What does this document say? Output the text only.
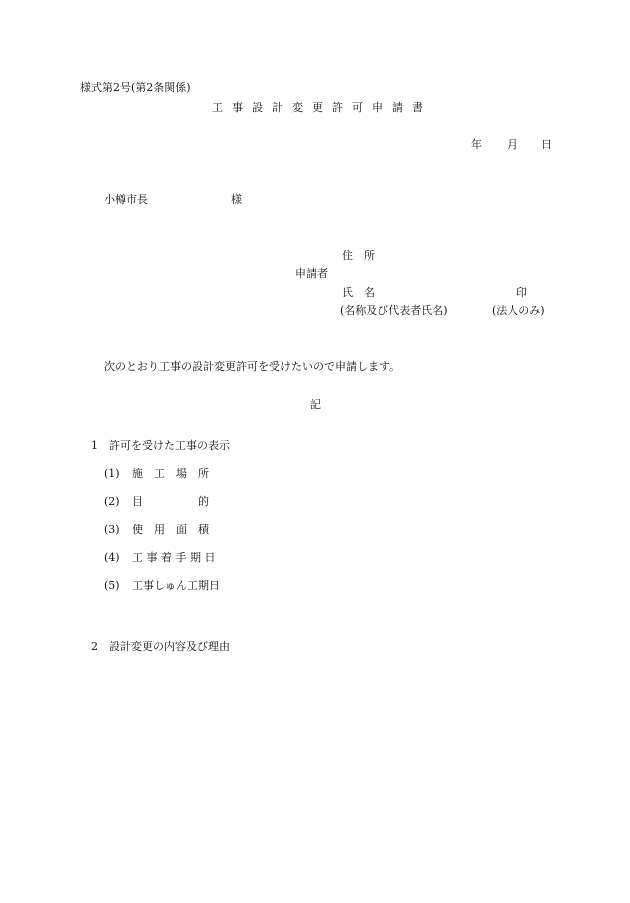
様式第2号(第2条関係)
工事設計変更許可申請書
年 月 日
小樽市長	様
住　所
申請者
氏　名	印
(名称及び代表者氏名)	(法人のみ)
次のとおり工事の設計変更許可を受けたいので申請します。
記
1　許可を受けた工事の表示
(1) 施　工　場　所
(2) 目　　　　　的
(3) 使　用　面　積
(4) 工 事 着 手 期 日
(5) 工事しゅん工期日
2　設計変更の内容及び理由
